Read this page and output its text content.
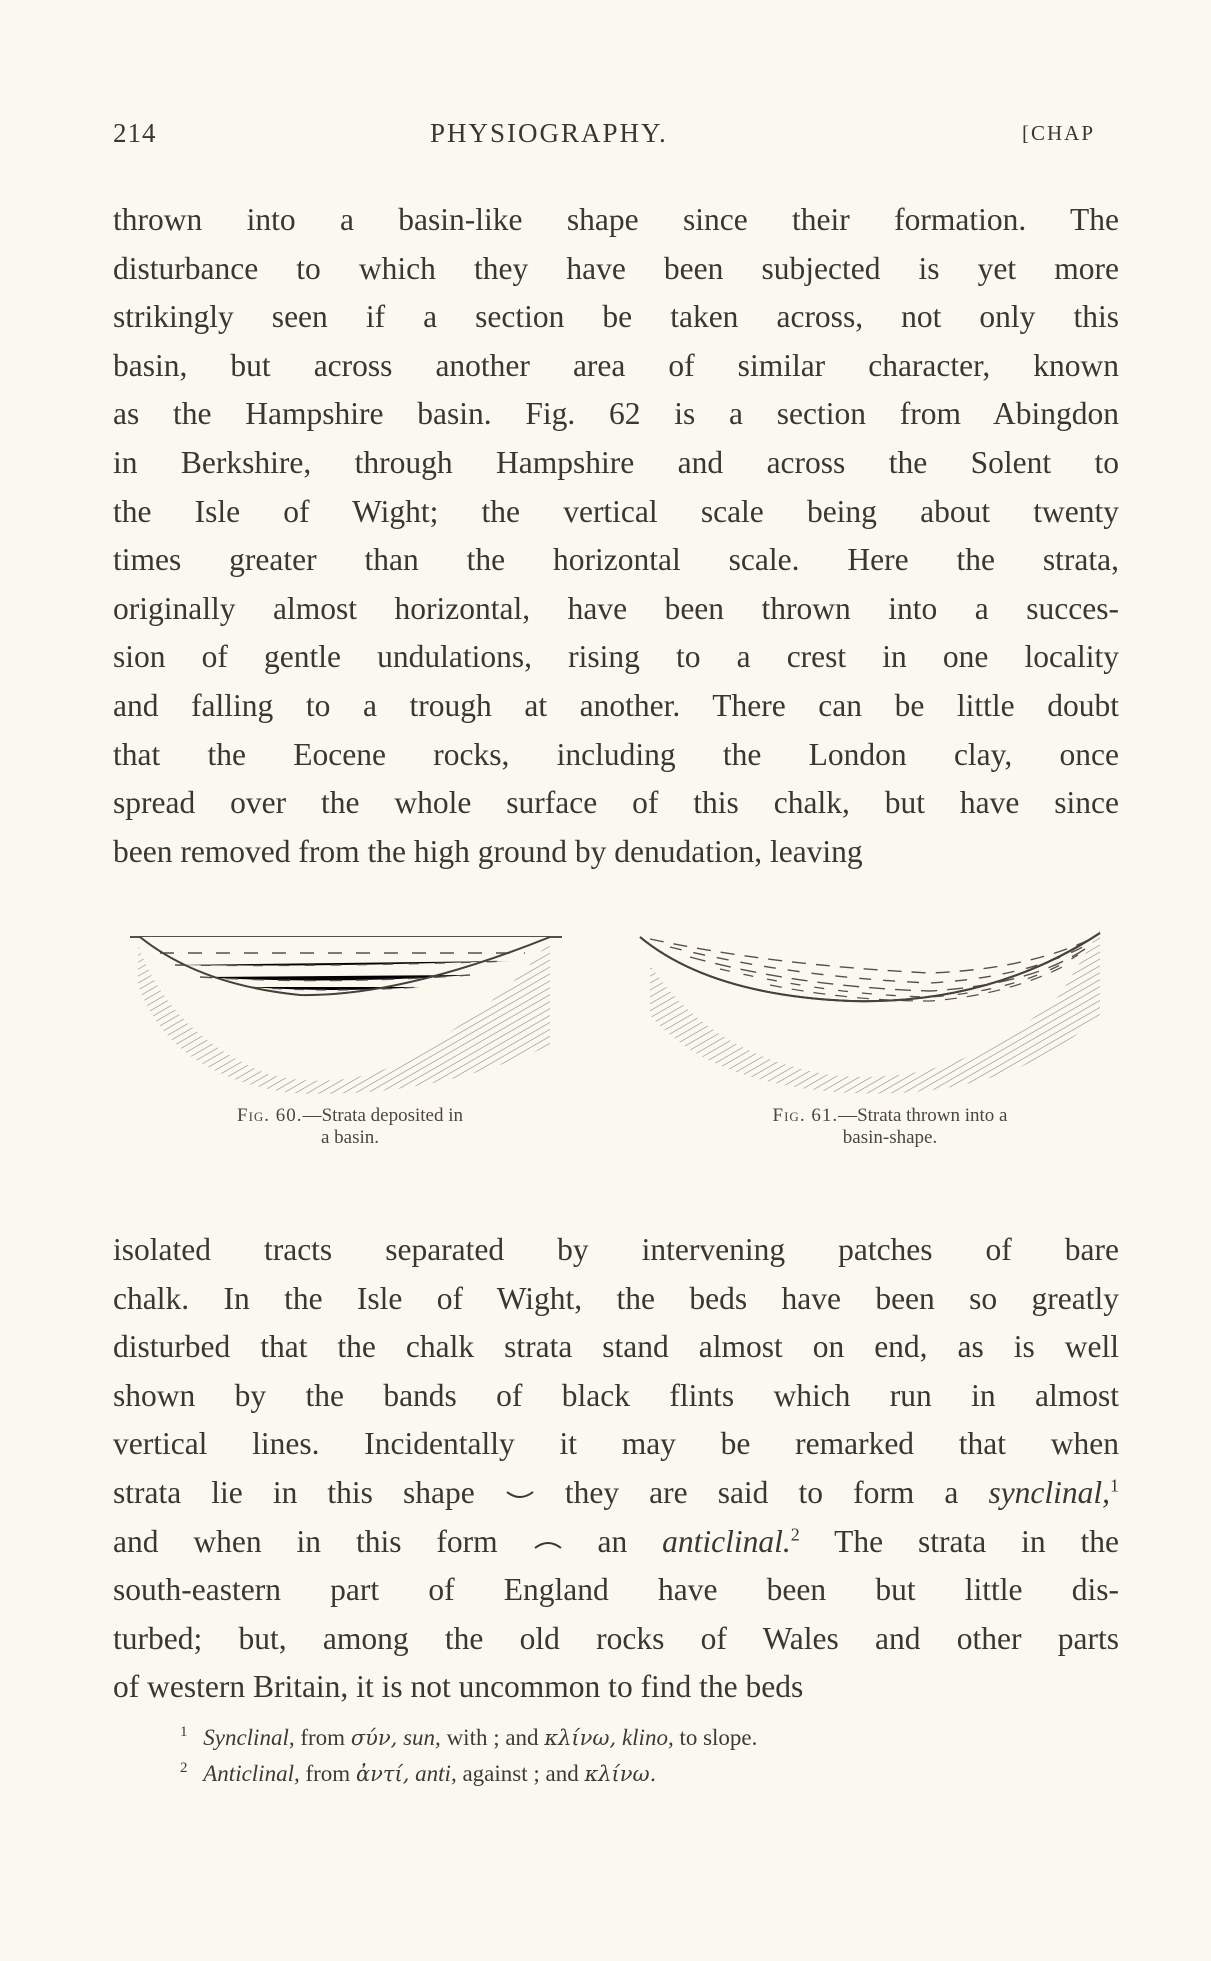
214	PHYSIOGRAPHY.	[CHAP
thrown into a basin-like shape since their formation. The
disturbance to which they have been subjected is yet more
strikingly seen if a section be taken across, not only this
basin, but across another area of similar character, known
as the Hampshire basin. Fig. 62 is a section from Abingdon
in Berkshire, through Hampshire and across the Solent to
the Isle of Wight; the vertical scale being about twenty
times greater than the horizontal scale. Here the strata,
originally almost horizontal, have been thrown into a succes-
sion of gentle undulations, rising to a crest in one locality
and falling to a trough at another. There can be little doubt
that the Eocene rocks, including the London clay, once
spread over the whole surface of this chalk, but have since
been removed from the high ground by denudation, leaving
Fig. 60.—Strata deposited in
a basin.
Fig. 61.—Strata thrown into a
basin-shape.
isolated tracts separated by intervening patches of bare
chalk. In the Isle of Wight, the beds have been so greatly
disturbed that the chalk strata stand almost on end, as is well
shown by the bands of black flints which run in almost
vertical lines. Incidentally it may be remarked that when
strata lie in this shape	they are said to form a synclinal,$^1$
and when in this form	an anticlinal.$^2$ The strata in the
south-eastern part of England have been but little dis-
turbed; but, among the old rocks of Wales and other parts
of western Britain, it is not uncommon to find the beds
$^1$ Synclinal, from σύν, sun, with ; and κλίνω, klino, to slope.
$^2$ Anticlinal, from ἀντί, anti, against ; and κλίνω.
